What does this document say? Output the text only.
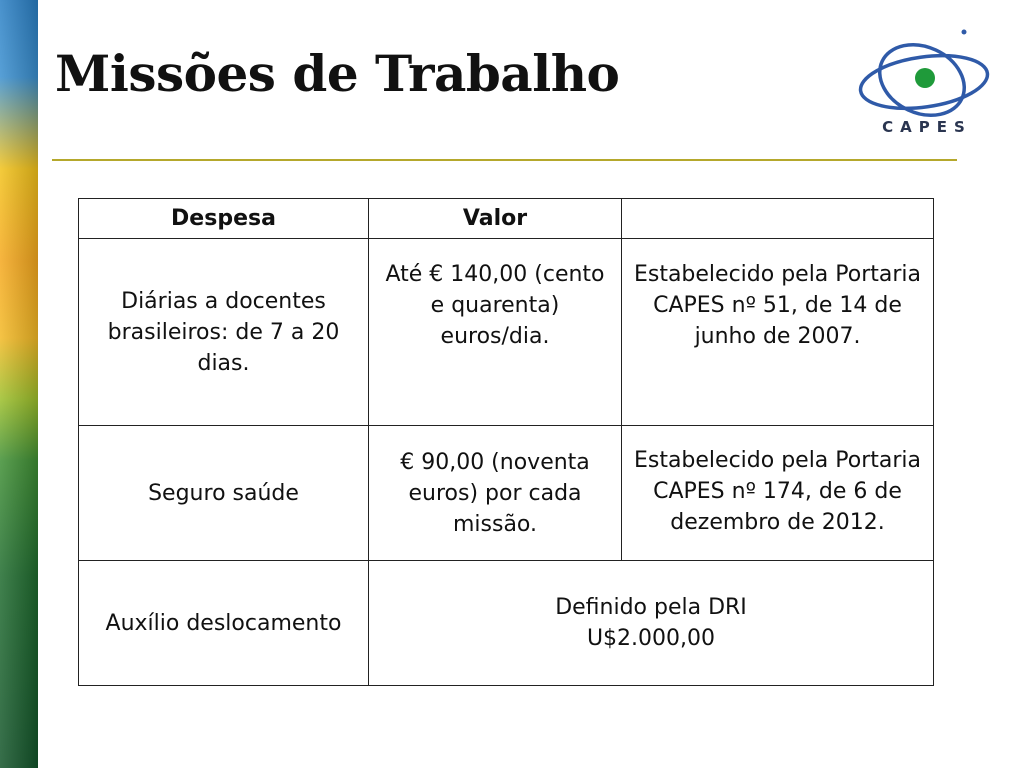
Missões de Trabalho
CAPES
Despesa	Valor	
Diárias a docentes brasileiros: de 7 a 20 dias.	Até € 140,00 (cento e quarenta) euros/dia.	Estabelecido pela Portaria CAPES nº 51, de 14 de junho de 2007.
Seguro saúde	€ 90,00 (noventa euros) por cada missão.	Estabelecido pela Portaria CAPES nº 174, de 6 de dezembro de 2012.
Auxílio deslocamento	Definido pela DRI
U$2.000,00	
